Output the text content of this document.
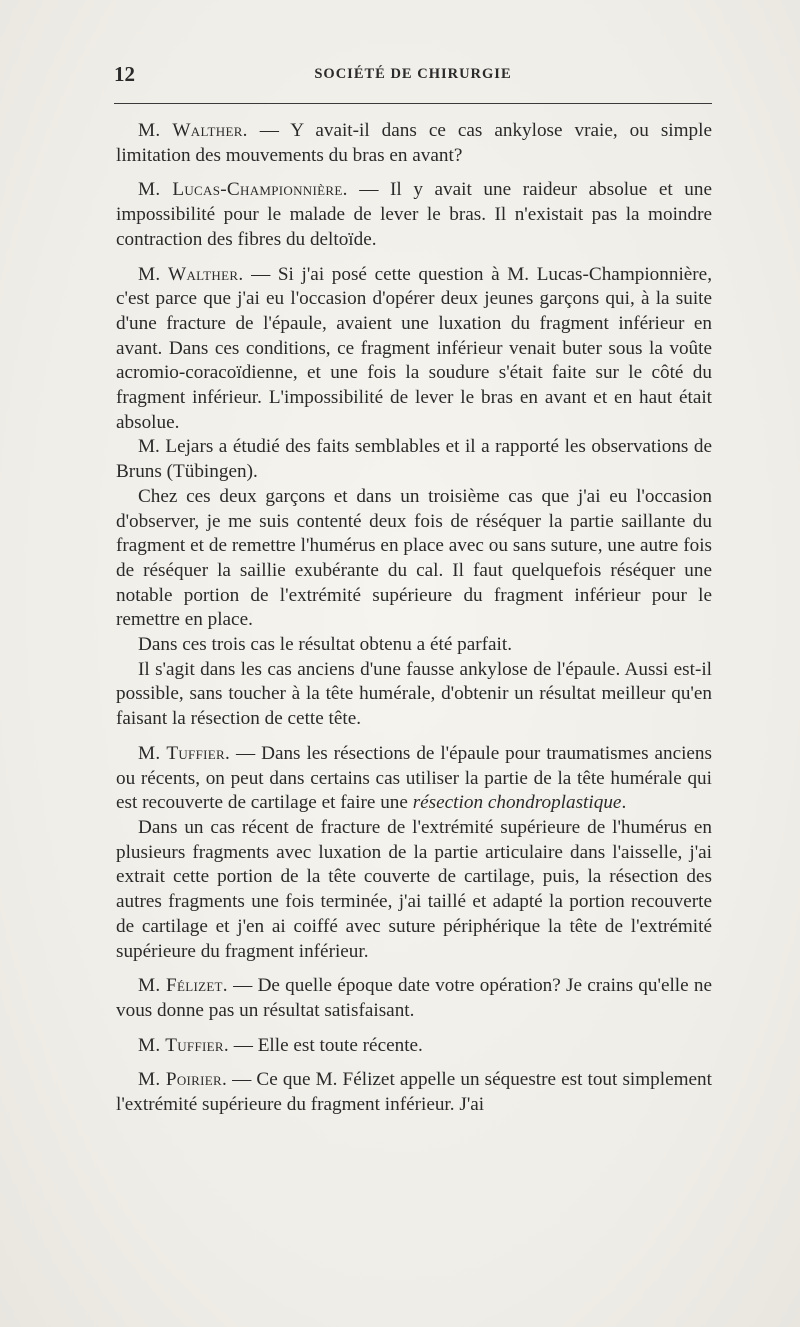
12	SOCIÉTÉ DE CHIRURGIE

M. Walther. — Y avait-il dans ce cas ankylose vraie, ou simple limitation des mouvements du bras en avant?

M. Lucas-Championnière. — Il y avait une raideur absolue et une impossibilité pour le malade de lever le bras. Il n'existait pas la moindre contraction des fibres du deltoïde.

M. Walther. — Si j'ai posé cette question à M. Lucas-Championnière, c'est parce que j'ai eu l'occasion d'opérer deux jeunes garçons qui, à la suite d'une fracture de l'épaule, avaient une luxation du fragment inférieur en avant. Dans ces conditions, ce fragment inférieur venait buter sous la voûte acromio-coracoïdienne, et une fois la soudure s'était faite sur le côté du fragment inférieur. L'impossibilité de lever le bras en avant et en haut était absolue.

M. Lejars a étudié des faits semblables et il a rapporté les observations de Bruns (Tübingen).

Chez ces deux garçons et dans un troisième cas que j'ai eu l'occasion d'observer, je me suis contenté deux fois de réséquer la partie saillante du fragment et de remettre l'humérus en place avec ou sans suture, une autre fois de réséquer la saillie exubérante du cal. Il faut quelquefois réséquer une notable portion de l'extrémité supérieure du fragment inférieur pour le remettre en place.

Dans ces trois cas le résultat obtenu a été parfait.

Il s'agit dans les cas anciens d'une fausse ankylose de l'épaule. Aussi est-il possible, sans toucher à la tête humérale, d'obtenir un résultat meilleur qu'en faisant la résection de cette tête.

M. Tuffier. — Dans les résections de l'épaule pour traumatismes anciens ou récents, on peut dans certains cas utiliser la partie de la tête humérale qui est recouverte de cartilage et faire une résection chondroplastique.

Dans un cas récent de fracture de l'extrémité supérieure de l'humérus en plusieurs fragments avec luxation de la partie articulaire dans l'aisselle, j'ai extrait cette portion de la tête couverte de cartilage, puis, la résection des autres fragments une fois terminée, j'ai taillé et adapté la portion recouverte de cartilage et j'en ai coiffé avec suture périphérique la tête de l'extrémité supérieure du fragment inférieur.

M. Félizet. — De quelle époque date votre opération? Je crains qu'elle ne vous donne pas un résultat satisfaisant.

M. Tuffier. — Elle est toute récente.

M. Poirier. — Ce que M. Félizet appelle un séquestre est tout simplement l'extrémité supérieure du fragment inférieur. J'ai
